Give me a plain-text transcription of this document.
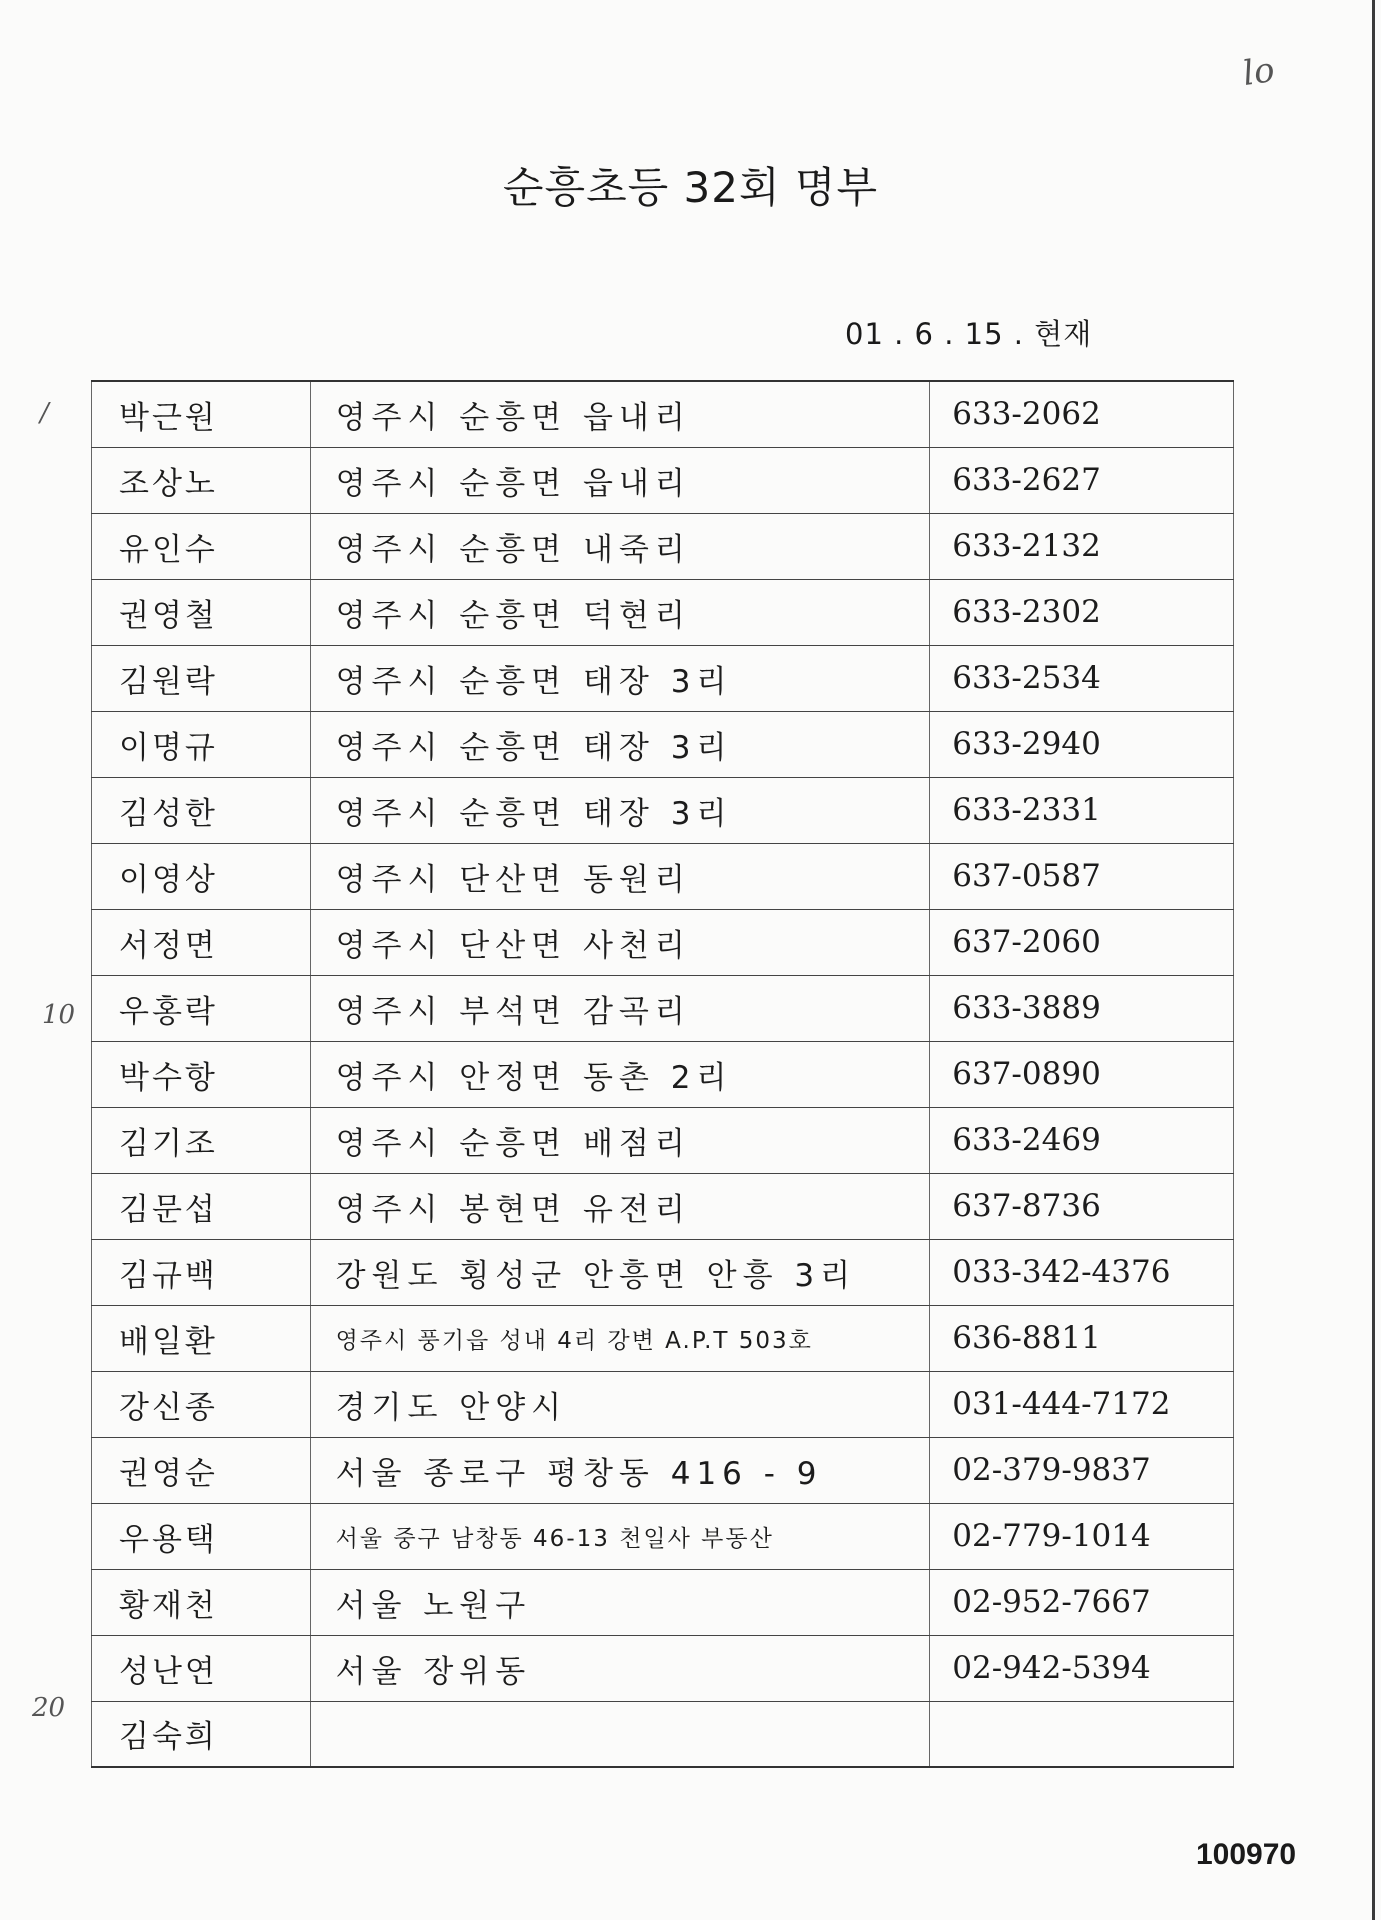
lo
순흥초등 32회 명부
01 . 6 . 15 . 현재
/
10
20
박근원	영주시 순흥면 읍내리	633-2062
조상노	영주시 순흥면 읍내리	633-2627
유인수	영주시 순흥면 내죽리	633-2132
권영철	영주시 순흥면 덕현리	633-2302
김원락	영주시 순흥면 태장 3리	633-2534
이명규	영주시 순흥면 태장 3리	633-2940
김성한	영주시 순흥면 태장 3리	633-2331
이영상	영주시 단산면 동원리	637-0587
서정면	영주시 단산면 사천리	637-2060
우홍락	영주시 부석면 감곡리	633-3889
박수항	영주시 안정면 동촌 2리	637-0890
김기조	영주시 순흥면 배점리	633-2469
김문섭	영주시 봉현면 유전리	637-8736
김규백	강원도 횡성군 안흥면 안흥 3리	033-342-4376
배일환	영주시 풍기읍 성내 4리 강변 A.P.T 503호	636-8811
강신종	경기도 안양시	031-444-7172
권영순	서울 종로구 평창동 416 - 9	02-379-9837
우용택	서울 중구 남창동 46-13 천일사 부동산	02-779-1014
황재천	서울 노원구	02-952-7667
성난연	서울 장위동	02-942-5394
김숙희		
100970
